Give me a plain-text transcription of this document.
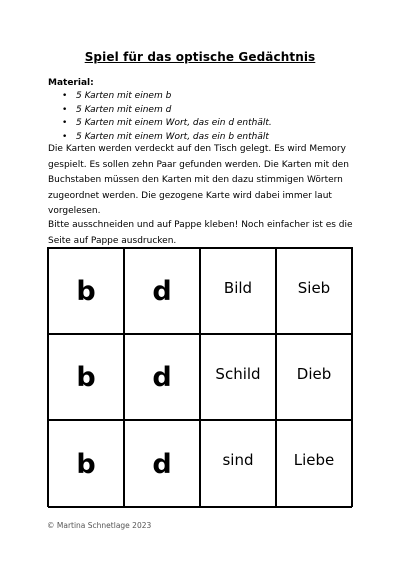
Spiel für das optische Gedächtnis
Material:
• 5 Karten mit einem b
• 5 Karten mit einem d
• 5 Karten mit einem Wort, das ein d enthält.
• 5 Karten mit einem Wort, das ein b enthält

Die Karten werden verdeckt auf den Tisch gelegt. Es wird Memory gespielt. Es sollen zehn Paar gefunden werden. Die Karten mit den Buchstaben müssen den Karten mit den dazu stimmigen Wörtern zugeordnet werden. Die gezogene Karte wird dabei immer laut vorgelesen.

Bitte ausschneiden und auf Pappe kleben! Noch einfacher ist es die Seite auf Pappe ausdrucken.

b	d	Bild	Sieb
b	d	Schild	Dieb
b	d	sind	Liebe
© Martina Schnetlage 2023
